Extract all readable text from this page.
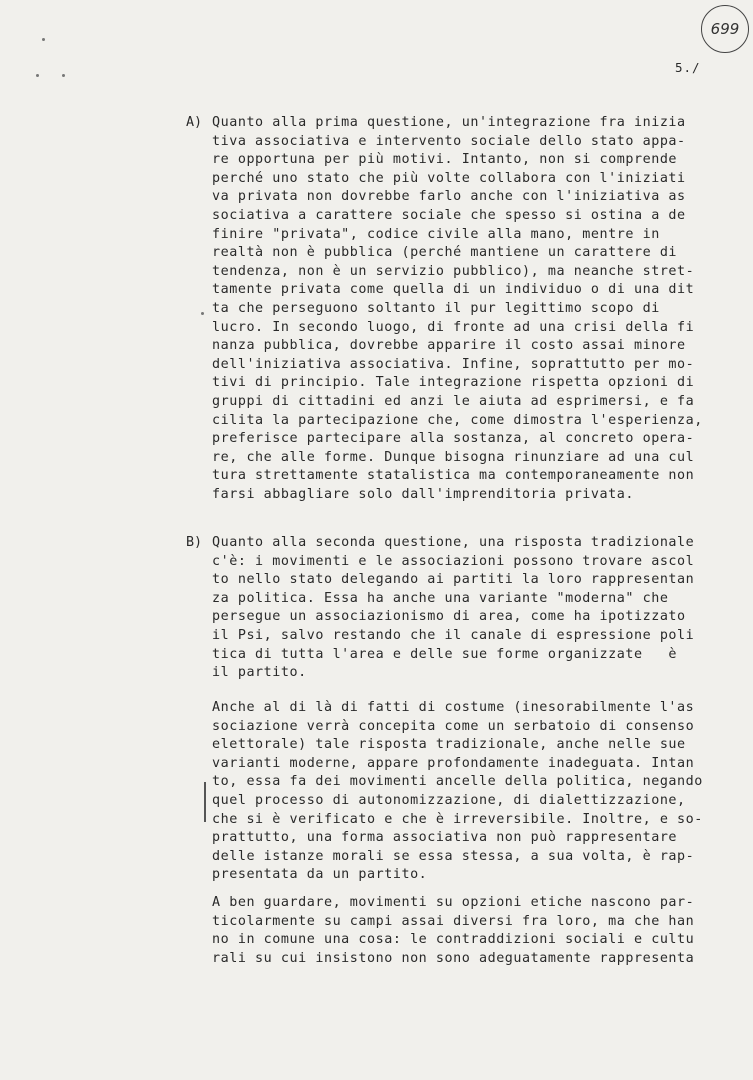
699
5./
A) Quanto alla prima questione, un'integrazione fra inizia
tiva associativa e intervento sociale dello stato appa-
re opportuna per più motivi. Intanto, non si comprende
perché uno stato che più volte collabora con l'iniziati
va privata non dovrebbe farlo anche con l'iniziativa as
sociativa a carattere sociale che spesso si ostina a de
finire "privata", codice civile alla mano, mentre in
realtà non è pubblica (perché mantiene un carattere di
tendenza, non è un servizio pubblico), ma neanche stret-
tamente privata come quella di un individuo o di una dit
ta che perseguono soltanto il pur legittimo scopo di
lucro. In secondo luogo, di fronte ad una crisi della fi
nanza pubblica, dovrebbe apparire il costo assai minore
dell'iniziativa associativa. Infine, soprattutto per mo-
tivi di principio. Tale integrazione rispetta opzioni di
gruppi di cittadini ed anzi le aiuta ad esprimersi, e fa
cilita la partecipazione che, come dimostra l'esperienza,
preferisce partecipare alla sostanza, al concreto opera-
re, che alle forme. Dunque bisogna rinunziare ad una cul
tura strettamente statalistica ma contemporaneamente non
farsi abbagliare solo dall'imprenditoria privata.
B) Quanto alla seconda questione, una risposta tradizionale
c'è: i movimenti e le associazioni possono trovare ascol
to nello stato delegando ai partiti la loro rappresentan
za politica. Essa ha anche una variante "moderna" che
persegue un associazionismo di area, come ha ipotizzato
il Psi, salvo restando che il canale di espressione poli
tica di tutta l'area e delle sue forme organizzate   è
il partito.
Anche al di là di fatti di costume (inesorabilmente l'as
sociazione verrà concepita come un serbatoio di consenso
elettorale) tale risposta tradizionale, anche nelle sue
varianti moderne, appare profondamente inadeguata. Intan
to, essa fa dei movimenti ancelle della politica, negando
quel processo di autonomizzazione, di dialettizzazione,
che si è verificato e che è irreversibile. Inoltre, e so-
prattutto, una forma associativa non può rappresentare
delle istanze morali se essa stessa, a sua volta, è rap-
presentata da un partito.
A ben guardare, movimenti su opzioni etiche nascono par-
ticolarmente su campi assai diversi fra loro, ma che han
no in comune una cosa: le contraddizioni sociali e cultu
rali su cui insistono non sono adeguatamente rappresenta
